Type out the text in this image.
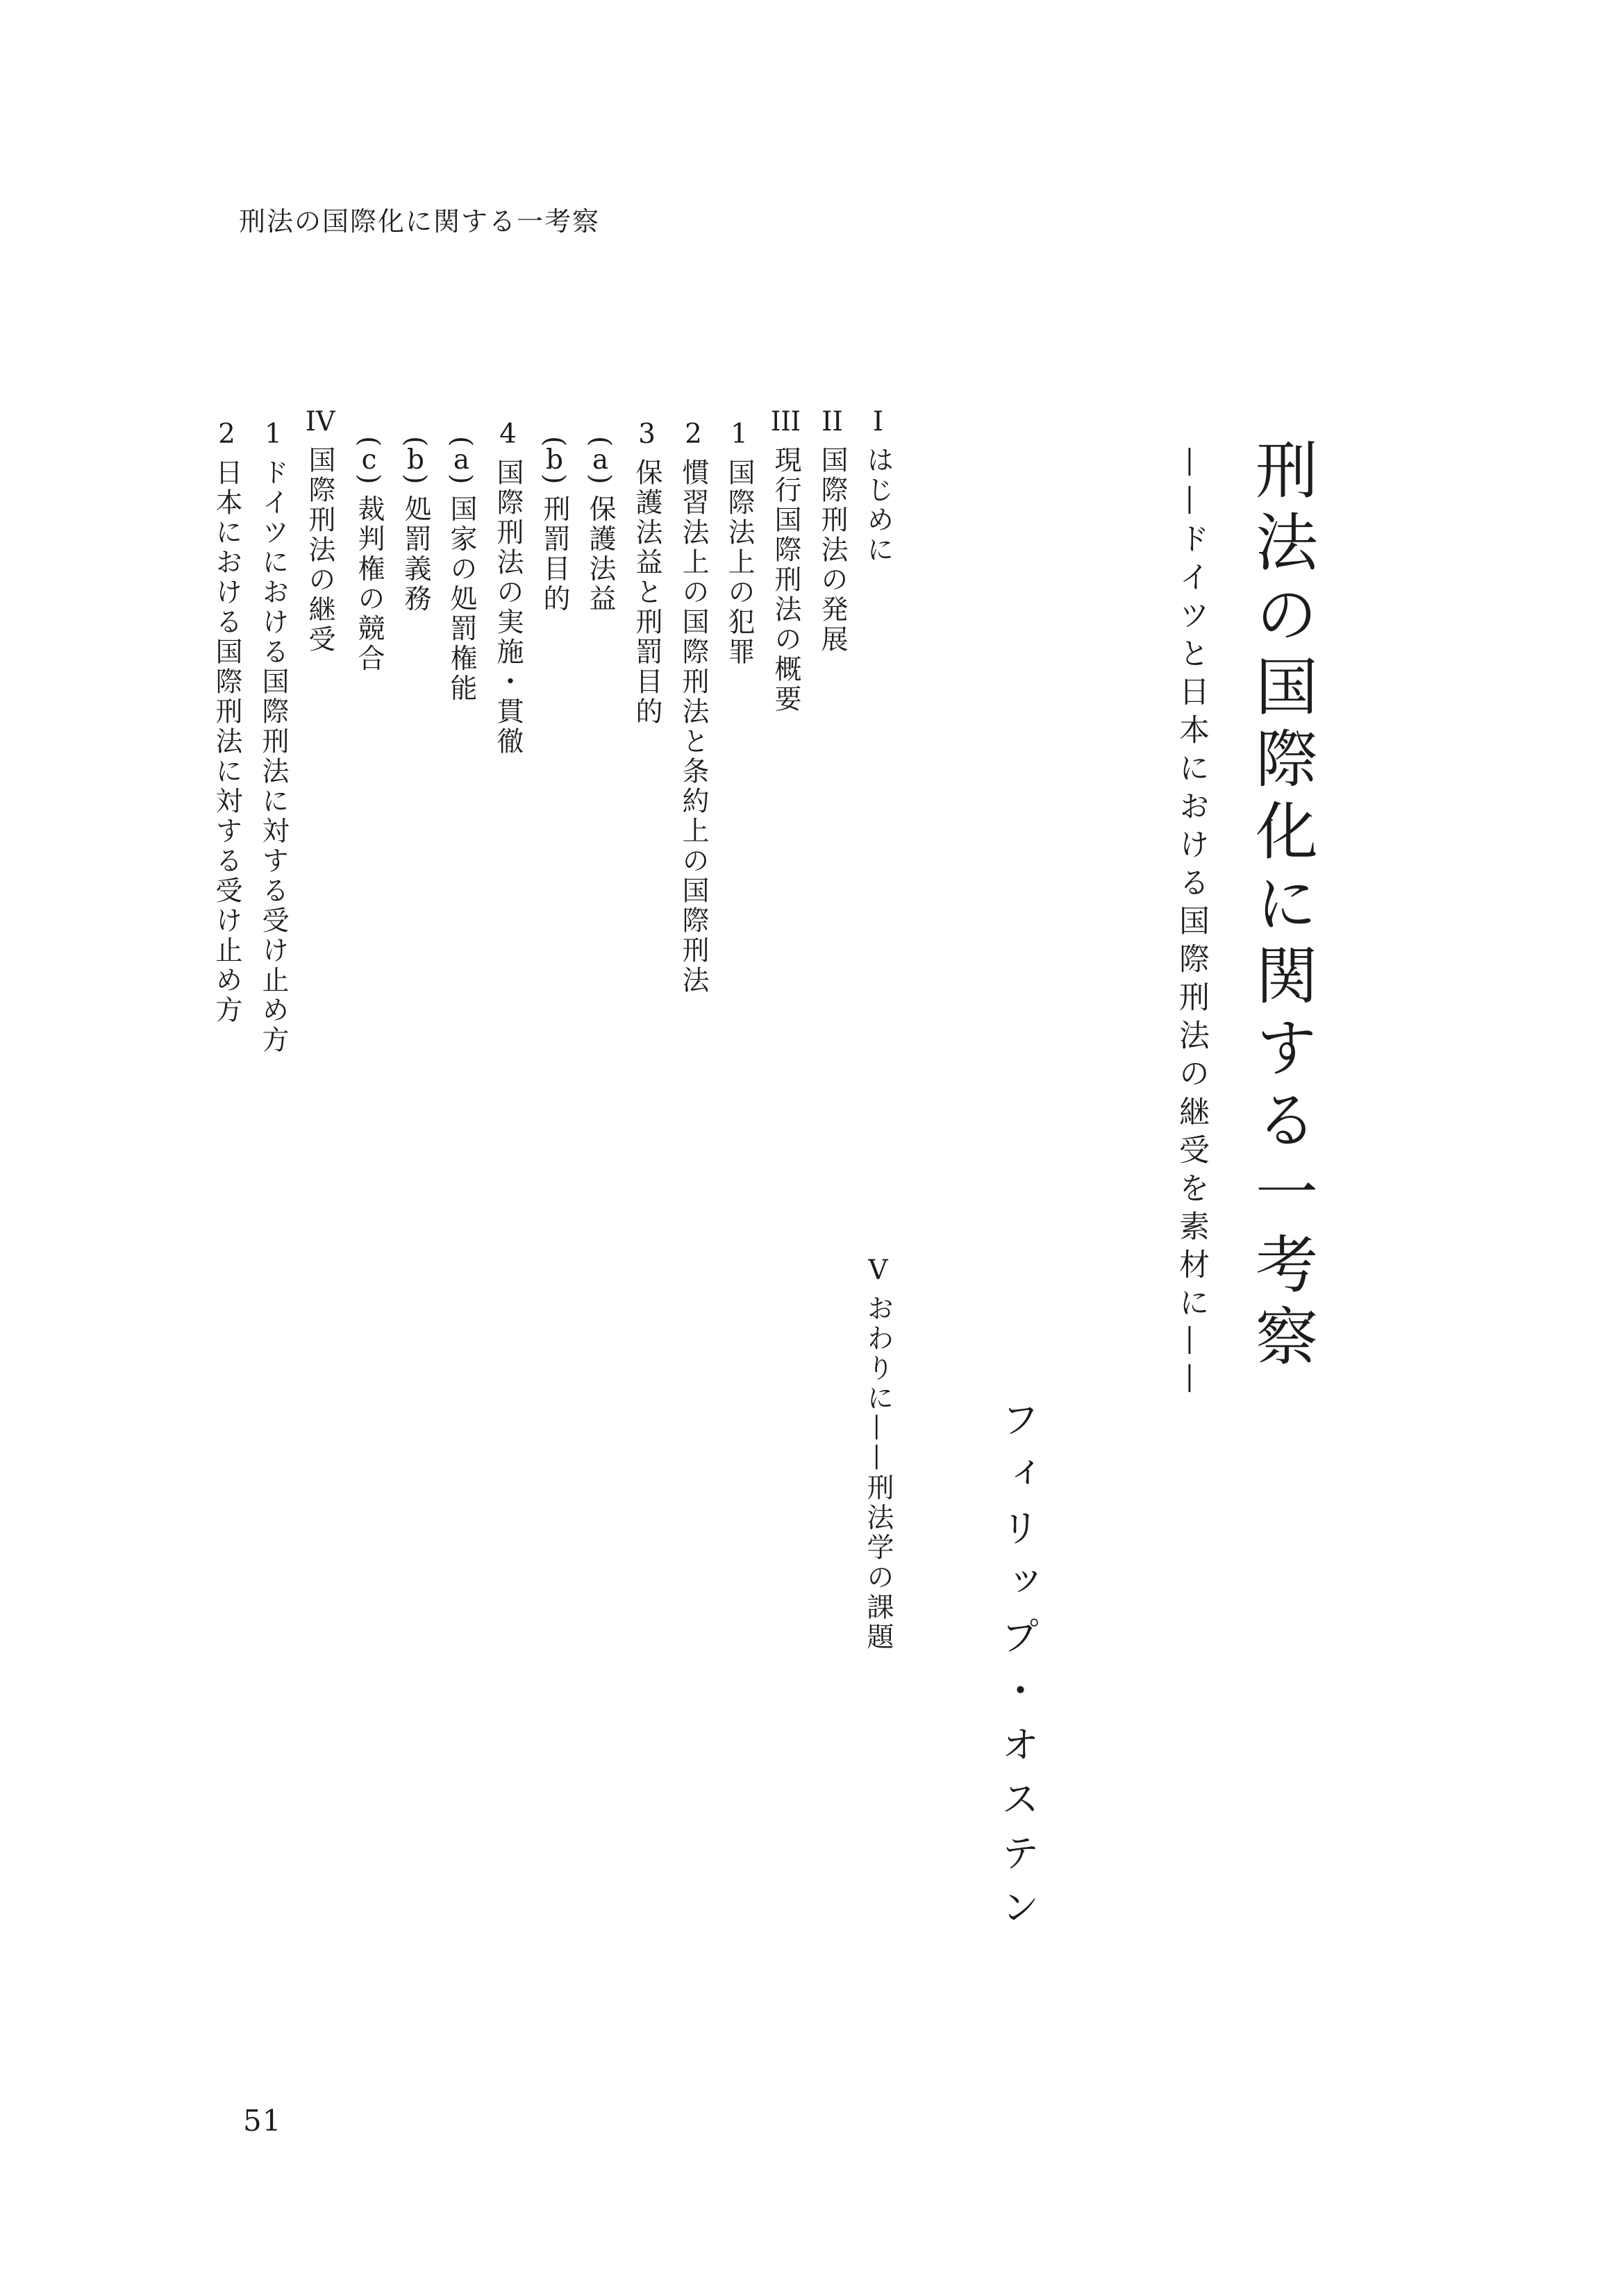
刑法の国際化に関する一考察
刑法の国際化に関する一考察
——ドイツと日本における国際刑法の継受を素材に——
フィリップ・オステン
Iはじめに
II国際刑法の発展
III現行国際刑法の概要
1国際法上の犯罪
2慣習法上の国際刑法と条約上の国際刑法
3保護法益と刑罰目的
(a)保護法益
(b)刑罰目的
4国際刑法の実施・貫徹
(a)国家の処罰権能
(b)処罰義務
(c)裁判権の競合
IV国際刑法の継受
1ドイツにおける国際刑法に対する受け止め方
2日本における国際刑法に対する受け止め方
Vおわりに——刑法学の課題
51
